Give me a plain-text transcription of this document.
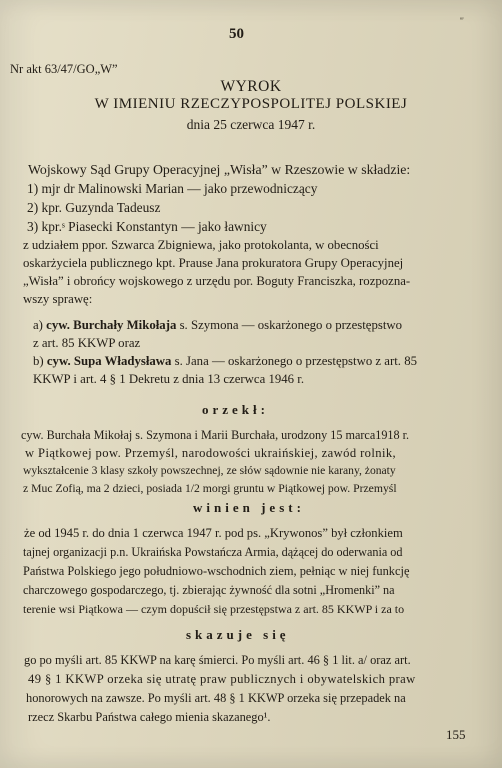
50
‴
Nr akt 63/47/GO„W”
WYROK
W IMIENIU RZECZYPOSPOLITEJ POLSKIEJ
dnia 25 czerwca 1947 r.
Wojskowy Sąd Grupy Operacyjnej „Wisła” w Rzeszowie w składzie:
1) mjr dr Malinowski Marian — jako przewodniczący
2) kpr. Guzynda Tadeusz
3) kpr.ˢ Piasecki Konstantyn — jako ławnicy
z udziałem ppor. Szwarca Zbigniewa, jako protokolanta, w obecności
oskarżyciela publicznego kpt. Prause Jana prokuratora Grupy Operacyjnej
„Wisła” i obrońcy wojskowego z urzędu por. Boguty Franciszka, rozpozna-
wszy sprawę:
a) cyw. Burchały Mikołaja s. Szymona — oskarżonego o przestępstwo
z art. 85 KKWP oraz
b) cyw. Supa Władysława s. Jana — oskarżonego o przestępstwo z art. 85
KKWP i art. 4 § 1 Dekretu z dnia 13 czerwca 1946 r.
orzekł:
cyw. Burchała Mikołaj s. Szymona i Marii Burchała, urodzony 15 marca1918 r.
w Piątkowej pow. Przemyśl, narodowości ukraińskiej, zawód rolnik,
wykształcenie 3 klasy szkoły powszechnej, ze słów sądownie nie karany, żonaty
z Muc Zofią, ma 2 dzieci, posiada 1/2 morgi gruntu w Piątkowej pow. Przemyśl
winien jest:
że od 1945 r. do dnia 1 czerwca 1947 r. pod ps. „Krywonos” był członkiem
tajnej organizacji p.n. Ukraińska Powstańcza Armia, dążącej do oderwania od
Państwa Polskiego jego południowo-wschodnich ziem, pełniąc w niej funkcję
charczowego gospodarczego, tj. zbierając żywność dla sotni „Hromenki” na
terenie wsi Piątkowa — czym dopuścił się przestępstwa z art. 85 KKWP i za to
skazuje się
go po myśli art. 85 KKWP na karę śmierci. Po myśli art. 46 § 1 lit. a/ oraz art.
49 § 1 KKWP orzeka się utratę praw publicznych i obywatelskich praw
honorowych na zawsze. Po myśli art. 48 § 1 KKWP orzeka się przepadek na
rzecz Skarbu Państwa całego mienia skazanego¹.
155
